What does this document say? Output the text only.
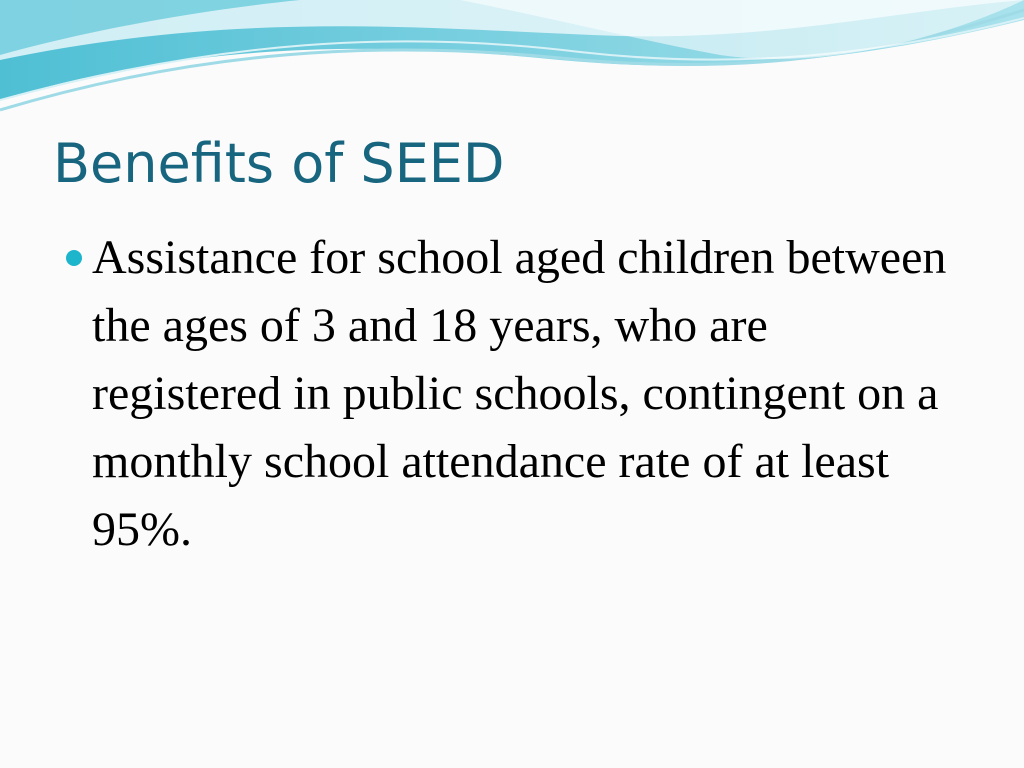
Benefits of SEED
Assistance for school aged children between the ages of 3 and 18 years, who are registered in public schools, contingent on a monthly school attendance rate of at least 95%.
